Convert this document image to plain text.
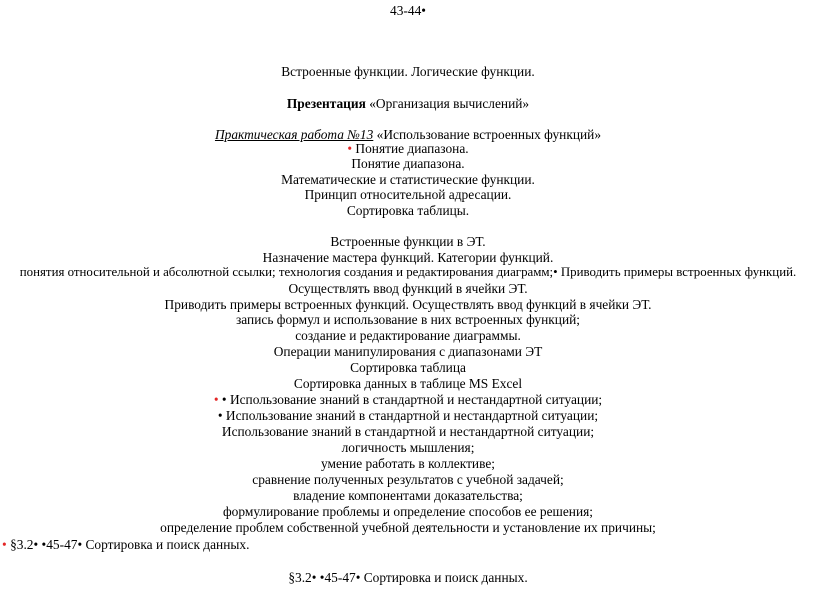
43-44•
Встроенные функции. Логические функции.
Презентация «Организация вычислений»
Практическая работа №13 «Использование встроенных функций»
• Понятие диапазона.
Понятие диапазона.
Математические и статистические функции.
Принцип относительной адресации.
Сортировка таблицы.
Встроенные функции в ЭТ.
Назначение мастера функций. Категории функций.
понятия относительной и абсолютной ссылки; технология создания и редактирования диаграмм;• Приводить примеры встроенных функций.
Осуществлять ввод функций в ячейки ЭТ.
Приводить примеры встроенных функций. Осуществлять ввод функций в ячейки ЭТ.
запись формул и использование в них встроенных функций;
создание и редактирование диаграммы.
Операции манипулирования с диапазонами ЭТ
Сортировка таблица
Сортировка данных в таблице MS Excel
• • Использование знаний в стандартной и нестандартной ситуации;
• Использование знаний в стандартной и нестандартной ситуации;
Использование знаний в стандартной и нестандартной ситуации;
логичность мышления;
умение работать в коллективе;
сравнение полученных результатов с учебной задачей;
владение компонентами доказательства;
формулирование проблемы и определение способов ее решения;
определение проблем собственной учебной деятельности и установление их причины;
• §3.2• •45-47• Сортировка и поиск данных.
§3.2• •45-47• Сортировка и поиск данных.
